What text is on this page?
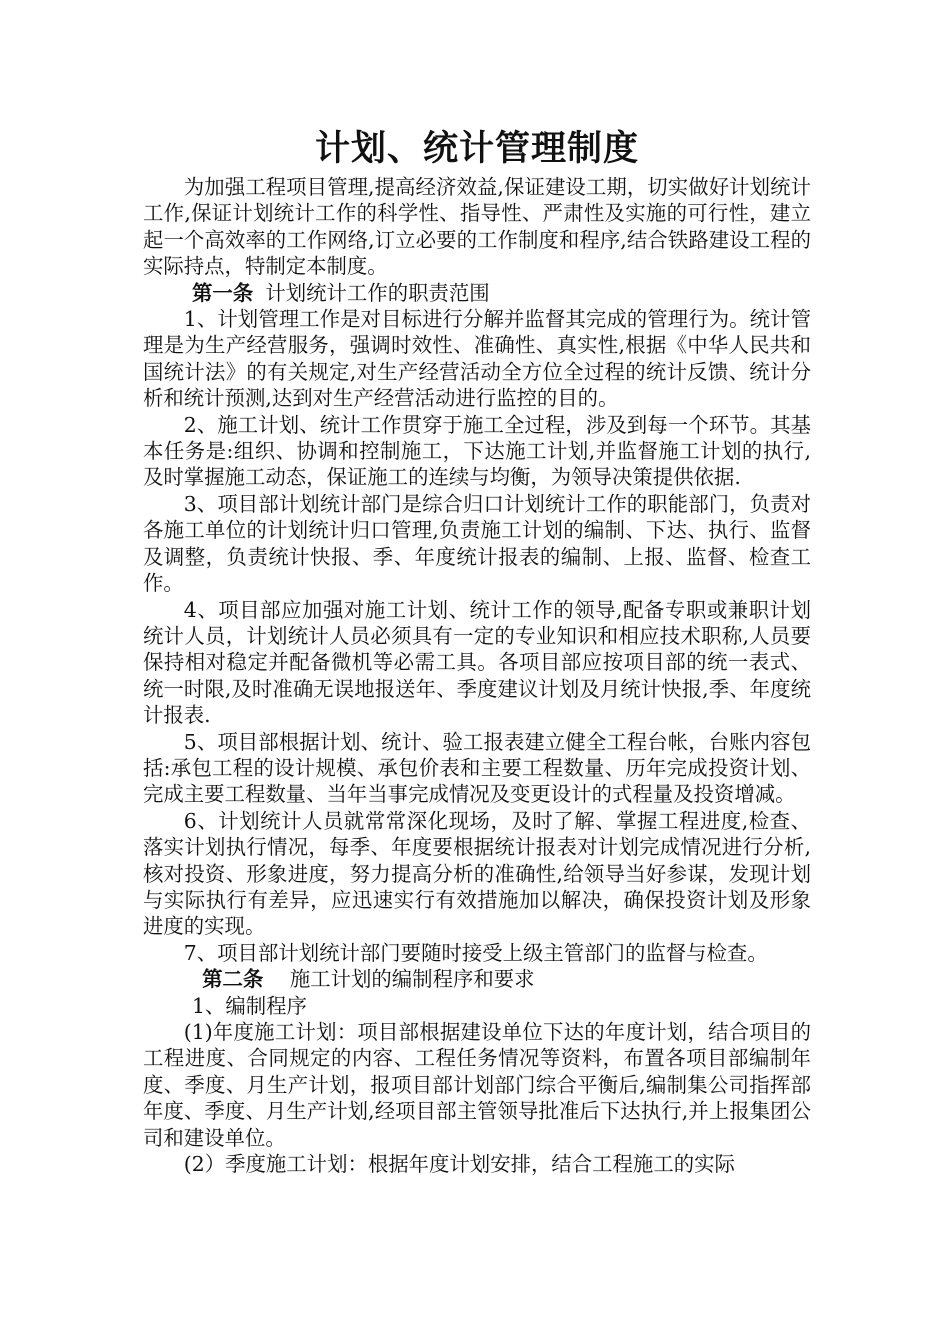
计划、统计管理制度

为加强工程项目管理,提高经济效益,保证建设工期，切实做好计划统计工作,保证计划统计工作的科学性、指导性、严肃性及实施的可行性，建立起一个高效率的工作网络,订立必要的工作制度和程序,结合铁路建设工程的实际持点，特制定本制度。

第一条 计划统计工作的职责范围

1、计划管理工作是对目标进行分解并监督其完成的管理行为。统计管理是为生产经营服务，强调时效性、准确性、真实性,根据《中华人民共和国统计法》的有关规定,对生产经营活动全方位全过程的统计反馈、统计分析和统计预测,达到对生产经营活动进行监控的目的。

2、施工计划、统计工作贯穿于施工全过程，涉及到每一个环节。其基本任务是:组织、协调和控制施工，下达施工计划,并监督施工计划的执行,及时掌握施工动态，保证施工的连续与均衡，为领导决策提供依据.

3、项目部计划统计部门是综合归口计划统计工作的职能部门，负责对各施工单位的计划统计归口管理,负责施工计划的编制、下达、执行、监督及调整，负责统计快报、季、年度统计报表的编制、上报、监督、检查工作。

4、项目部应加强对施工计划、统计工作的领导,配备专职或兼职计划统计人员，计划统计人员必须具有一定的专业知识和相应技术职称,人员要保持相对稳定并配备微机等必需工具。各项目部应按项目部的统一表式、统一时限,及时准确无误地报送年、季度建议计划及月统计快报,季、年度统计报表.

5、项目部根据计划、统计、验工报表建立健全工程台帐，台账内容包括:承包工程的设计规模、承包价表和主要工程数量、历年完成投资计划、完成主要工程数量、当年当事完成情况及变更设计的式程量及投资增减。

6、计划统计人员就常常深化现场，及时了解、掌握工程进度,检查、落实计划执行情况，每季、年度要根据统计报表对计划完成情况进行分析,核对投资、形象进度，努力提高分析的准确性,给领导当好参谋，发现计划与实际执行有差异，应迅速实行有效措施加以解决，确保投资计划及形象进度的实现。

7、项目部计划统计部门要随时接受上级主管部门的监督与检查。

第二条 施工计划的编制程序和要求

1、编制程序

(1)年度施工计划：项目部根据建设单位下达的年度计划，结合项目的工程进度、合同规定的内容、工程任务情况等资料，布置各项目部编制年度、季度、月生产计划，报项目部计划部门综合平衡后,编制集公司指挥部年度、季度、月生产计划,经项目部主管领导批准后下达执行,并上报集团公司和建设单位。

(2）季度施工计划：根据年度计划安排，结合工程施工的实际
